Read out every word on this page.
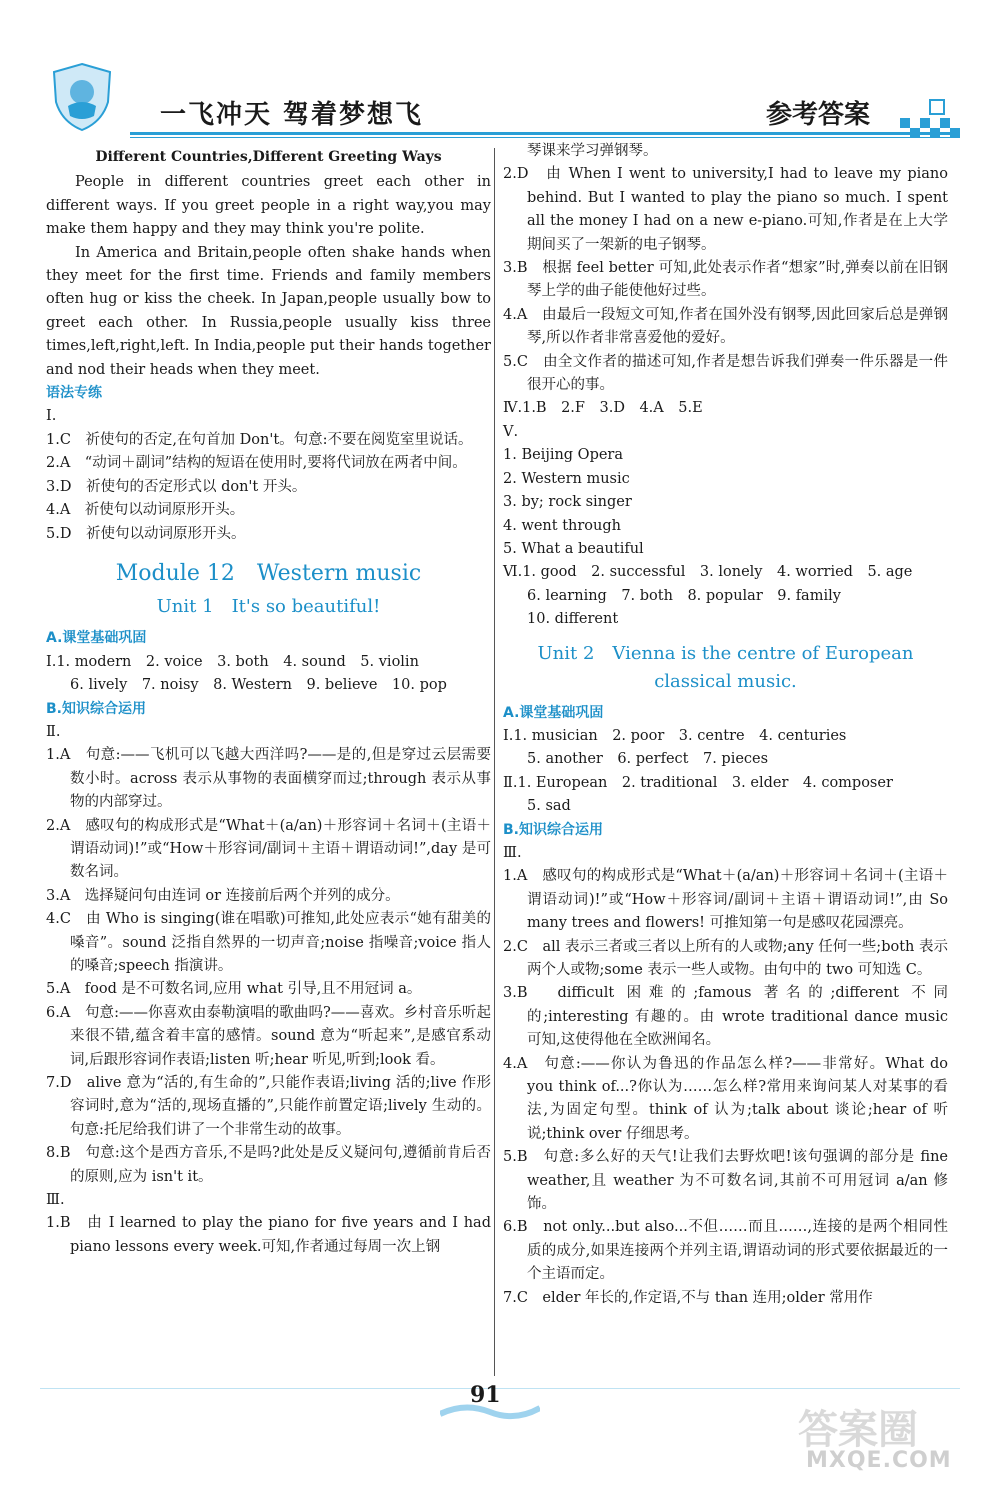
一飞冲天 驾着梦想飞	参考答案
Different Countries,Different Greeting Ways
People in different countries greet each other in different ways. If you greet people in a right way,you may make them happy and they may think you're polite.
In America and Britain,people often shake hands when they meet for the first time. Friends and family members often hug or kiss the cheek. In Japan,people usually bow to greet each other. In Russia,people usually kiss three times,left,right,left. In India,people put their hands together and nod their heads when they meet.
语法专练
Ⅰ.
1.C　祈使句的否定,在句首加 Don't。句意:不要在阅览室里说话。
2.A　“动词＋副词”结构的短语在使用时,要将代词放在两者中间。
3.D　祈使句的否定形式以 don't 开头。
4.A　祈使句以动词原形开头。
5.D　祈使句以动词原形开头。
Module 12　Western music
Unit 1　It's so beautiful!
A.课堂基础巩固
Ⅰ.1. modern　2. voice　3. both　4. sound　5. violin
6. lively　7. noisy　8. Western　9. believe　10. pop
B.知识综合运用
Ⅱ.
1.A　句意:——飞机可以飞越大西洋吗?——是的,但是穿过云层需要数小时。across 表示从事物的表面横穿而过;through 表示从事物的内部穿过。
2.A　感叹句的构成形式是“What＋(a/an)＋形容词＋名词＋(主语＋谓语动词)!”或“How＋形容词/副词＋主语＋谓语动词!”,day 是可数名词。
3.A　选择疑问句由连词 or 连接前后两个并列的成分。
4.C　由 Who is singing(谁在唱歌)可推知,此处应表示“她有甜美的嗓音”。sound 泛指自然界的一切声音;noise 指噪音;voice 指人的嗓音;speech 指演讲。
5.A　food 是不可数名词,应用 what 引导,且不用冠词 a。
6.A　句意:——你喜欢由泰勒演唱的歌曲吗?——喜欢。乡村音乐听起来很不错,蕴含着丰富的感情。sound 意为“听起来”,是感官系动词,后跟形容词作表语;listen 听;hear 听见,听到;look 看。
7.D　alive 意为“活的,有生命的”,只能作表语;living 活的;live 作形容词时,意为“活的,现场直播的”,只能作前置定语;lively 生动的。句意:托尼给我们讲了一个非常生动的故事。
8.B　句意:这个是西方音乐,不是吗?此处是反义疑问句,遵循前肯后否的原则,应为 isn't it。
Ⅲ.
1.B　由 I learned to play the piano for five years and I had piano lessons every week.可知,作者通过每周一次上钢
琴课来学习弹钢琴。
2.D　由 When I went to university,I had to leave my piano behind. But I wanted to play the piano so much. I spent all the money I had on a new e-piano.可知,作者是在上大学期间买了一架新的电子钢琴。
3.B　根据 feel better 可知,此处表示作者“想家”时,弹奏以前在旧钢琴上学的曲子能使他好过些。
4.A　由最后一段短文可知,作者在国外没有钢琴,因此回家后总是弹钢琴,所以作者非常喜爱他的爱好。
5.C　由全文作者的描述可知,作者是想告诉我们弹奏一件乐器是一件很开心的事。
Ⅳ.1.B　2.F　3.D　4.A　5.E
Ⅴ.
1. Beijing Opera
2. Western music
3. by; rock singer
4. went through
5. What a beautiful
Ⅵ.1. good　2. successful　3. lonely　4. worried　5. age
6. learning　7. both　8. popular　9. family
10. different
Unit 2　Vienna is the centre of European classical music.
A.课堂基础巩固
Ⅰ.1. musician　2. poor　3. centre　4. centuries
5. another　6. perfect　7. pieces
Ⅱ.1. European　2. traditional　3. elder　4. composer
5. sad
B.知识综合运用
Ⅲ.
1.A　感叹句的构成形式是“What＋(a/an)＋形容词＋名词＋(主语＋谓语动词)!”或“How＋形容词/副词＋主语＋谓语动词!”,由 So many trees and flowers! 可推知第一句是感叹花园漂亮。
2.C　all 表示三者或三者以上所有的人或物;any 任何一些;both 表示两个人或物;some 表示一些人或物。由句中的 two 可知选 C。
3.B　difficult 困难的;famous 著名的;different 不同的;interesting 有趣的。由 wrote traditional dance music 可知,这使得他在全欧洲闻名。
4.A　句意:——你认为鲁迅的作品怎么样?——非常好。What do you think of...?你认为……怎么样?常用来询问某人对某事的看法,为固定句型。think of 认为;talk about 谈论;hear of 听说;think over 仔细思考。
5.B　句意:多么好的天气!让我们去野炊吧!该句强调的部分是 fine weather,且 weather 为不可数名词,其前不可用冠词 a/an 修饰。
6.B　not only...but also...不但……而且……,连接的是两个相同性质的成分,如果连接两个并列主语,谓语动词的形式要依据最近的一个主语而定。
7.C　elder 年长的,作定语,不与 than 连用;older 常用作
91
答案圈
MXQE.COM
